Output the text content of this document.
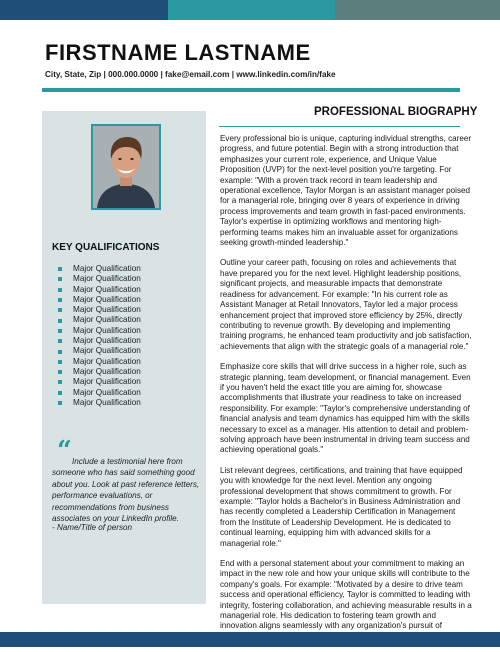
FIRSTNAME LASTNAME
City, State, Zip | 000.000.0000 | fake@email.com | www.linkedin.com/in/fake
KEY QUALIFICATIONS
Major Qualification
Major Qualification
Major Qualification
Major Qualification
Major Qualification
Major Qualification
Major Qualification
Major Qualification
Major Qualification
Major Qualification
Major Qualification
Major Qualification
Major Qualification
Major Qualification
“ Include a testimonial here from someone who has said something good about you. Look at past reference letters, performance evaluations, or recommendations from business associates on your LinkedIn profile.

- Name/Title of person
PROFESSIONAL BIOGRAPHY

Every professional bio is unique, capturing individual strengths, career progress, and future potential. Begin with a strong introduction that emphasizes your current role, experience, and Unique Value Proposition (UVP) for the next-level position you're targeting. For example: "With a proven track record in team leadership and operational excellence, Taylor Morgan is an assistant manager poised for a managerial role, bringing over 8 years of experience in driving process improvements and team growth in fast-paced environments. Taylor's expertise in optimizing workflows and mentoring high-performing teams makes him an invaluable asset for organizations seeking growth-minded leadership."

Outline your career path, focusing on roles and achievements that have prepared you for the next level. Highlight leadership positions, significant projects, and measurable impacts that demonstrate readiness for advancement. For example: "In his current role as Assistant Manager at Retail Innovators, Taylor led a major process enhancement project that improved store efficiency by 25%, directly contributing to revenue growth. By developing and implementing training programs, he enhanced team productivity and job satisfaction, achievements that align with the strategic goals of a managerial role."

Emphasize core skills that will drive success in a higher role, such as strategic planning, team development, or financial management. Even if you haven't held the exact title you are aiming for, showcase accomplishments that illustrate your readiness to take on increased responsibility. For example: "Taylor's comprehensive understanding of financial analysis and team dynamics has equipped him with the skills necessary to excel as a manager. His attention to detail and problem-solving approach have been instrumental in driving team success and achieving operational goals."

List relevant degrees, certifications, and training that have equipped you with knowledge for the next level. Mention any ongoing professional development that shows commitment to growth. For example: "Taylor holds a Bachelor's in Business Administration and has recently completed a Leadership Certification in Management from the Institute of Leadership Development. He is dedicated to continual learning, equipping him with advanced skills for a managerial role."

End with a personal statement about your commitment to making an impact in the new role and how your unique skills will contribute to the company's goals. For example: "Motivated by a desire to drive team success and operational efficiency, Taylor is committed to leading with integrity, fostering collaboration, and achieving measurable results in a managerial role. His dedication to fostering team growth and innovation aligns seamlessly with any organization's pursuit of
